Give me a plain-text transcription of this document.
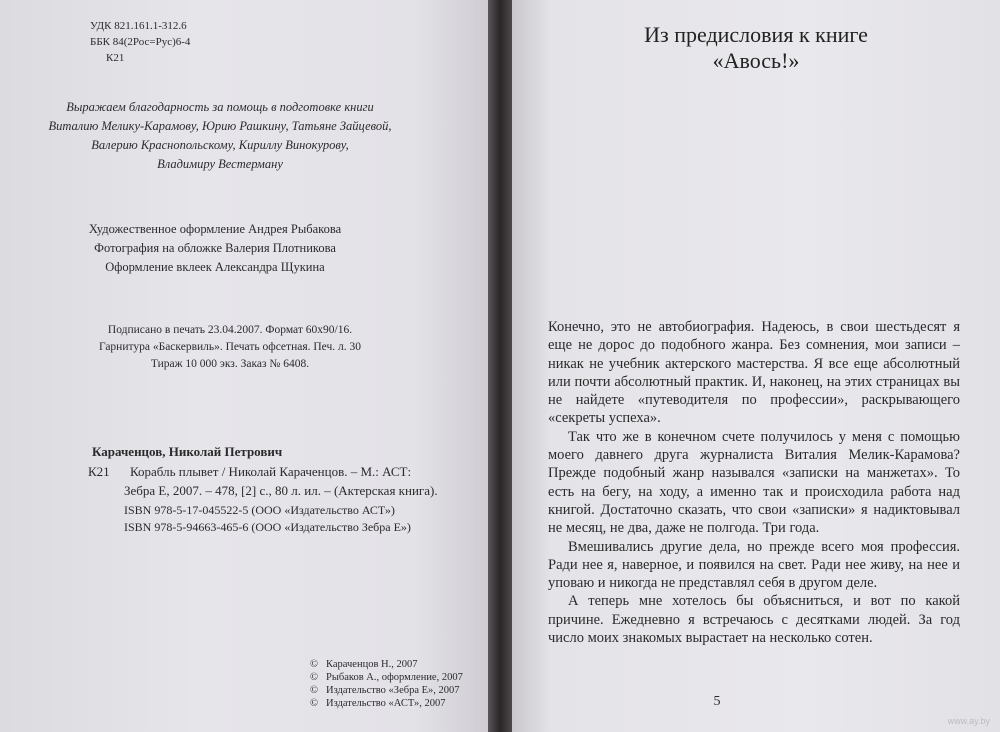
УДК 821.161.1-312.6
ББК 84(2Рос=Рус)6-4
К21
Выражаем благодарность за помощь в подготовке книги
Виталию Мелику-Карамову, Юрию Рашкину, Татьяне Зайцевой,
Валерию Краснопольскому, Кириллу Винокурову,
Владимиру Вестерману
Художественное оформление Андрея Рыбакова
Фотография на обложке Валерия Плотникова
Оформление вклеек Александра Щукина
Подписано в печать 23.04.2007. Формат 60х90/16.
Гарнитура «Баскервиль». Печать офсетная. Печ. л. 30
Тираж 10 000 экз. Заказ № 6408.
Караченцов, Николай Петрович
К21	Корабль плывет / Николай Караченцов. – М.: АСТ:
Зебра Е, 2007. – 478, [2] с., 80 л. ил. – (Актерская книга).
ISBN 978-5-17-045522-5 (ООО «Издательство АСТ»)
ISBN 978-5-94663-465-6 (ООО «Издательство Зебра Е»)
© Караченцов Н., 2007
© Рыбаков А., оформление, 2007
© Издательство «Зебра Е», 2007
© Издательство «АСТ», 2007
Из предисловия к книге
«Авось!»

Конечно, это не автобиография. Надеюсь, в свои шестьдесят я еще не дорос до подобного жанра. Без сомнения, мои записи – никак не учебник актерского мастерства. Я все еще абсолютный или почти абсолютный практик. И, наконец, на этих страницах вы не найдете «путеводителя по профессии», раскрывающего «секреты успеха».

Так что же в конечном счете получилось у меня с помощью моего давнего друга журналиста Виталия Мелик-Карамова? Прежде подобный жанр назывался «записки на манжетах». То есть на бегу, на ходу, а именно так и происходила работа над книгой. Достаточно сказать, что свои «записки» я надиктовывал не месяц, не два, даже не полгода. Три года.

Вмешивались другие дела, но прежде всего моя профессия. Ради нее я, наверное, и появился на свет. Ради нее живу, на нее и уповаю и никогда не представлял себя в другом деле.

А теперь мне хотелось бы объясниться, и вот по какой причине. Ежедневно я встречаюсь с десятками людей. За год число моих знакомых вырастает на несколько сотен.

5
www.ay.by
